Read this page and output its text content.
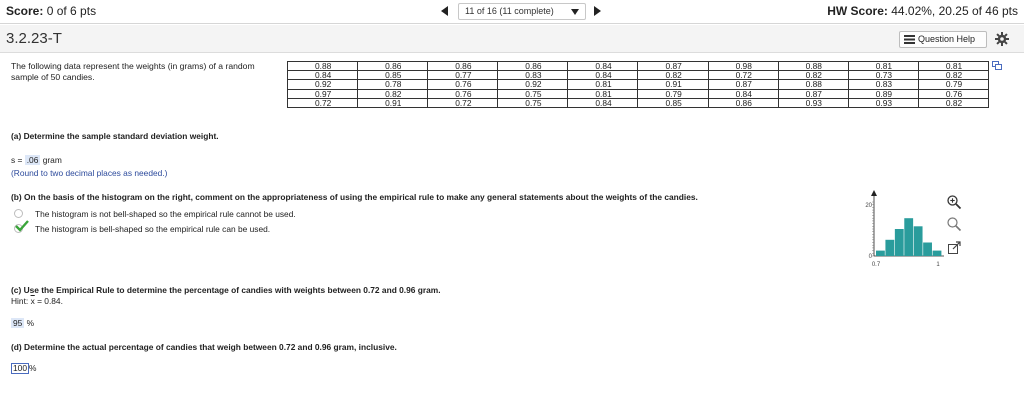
Score: 0 of 6 pts	11 of 16 (11 complete)	HW Score: 44.02%, 20.25 of 46 pts
3.2.23-T	Question Help
The following data represent the weights (in grams) of a random sample of 50 candies.
0.88	0.86	0.86	0.86	0.84	0.87	0.98	0.88	0.81	0.81
0.84	0.85	0.77	0.83	0.84	0.82	0.72	0.82	0.73	0.82
0.92	0.78	0.76	0.92	0.81	0.91	0.87	0.88	0.83	0.79
0.97	0.82	0.76	0.75	0.81	0.79	0.84	0.87	0.89	0.76
0.72	0.91	0.72	0.75	0.84	0.85	0.86	0.93	0.93	0.82
(a) Determine the sample standard deviation weight.
s = .06 gram
(Round to two decimal places as needed.)
(b) On the basis of the histogram on the right, comment on the appropriateness of using the empirical rule to make any general statements about the weights of the candies.
The histogram is not bell-shaped so the empirical rule cannot be used.
The histogram is bell-shaped so the empirical rule can be used.
20
0
0.7	1
(c) Use the Empirical Rule to determine the percentage of candies with weights between 0.72 and 0.96 gram.
Hint: $\overline{x} = 0.84$.
95 %
(d) Determine the actual percentage of candies that weigh between 0.72 and 0.96 gram, inclusive.
100 %
